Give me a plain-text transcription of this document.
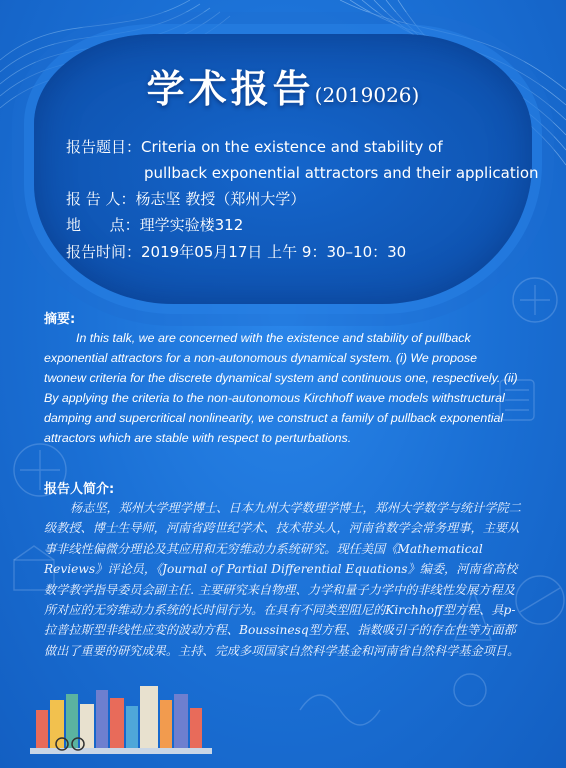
学术报告(2019026)
报告题目：Criteria on the existence and stability of
pullback exponential attractors and their application
报 告 人：杨志坚 教授（郑州大学）
地      点：理学实验楼312
报告时间：2019年05月17日 上午 9：30–10：30
摘要:
In this talk, we are concerned with the existence and stability of pullback exponential attractors for a non-autonomous dynamical system. (i) We propose twonew criteria for the discrete dynamical system and continuous one, respectively. (ii) By applying the criteria to the non-autonomous Kirchhoff wave models withstructural damping and supercritical nonlinearity, we construct a family of pullback exponential attractors which are stable with respect to perturbations.
报告人简介:
杨志坚，郑州大学理学博士、日本九州大学数理学博士，郑州大学数学与统计学院二级教授、博士生导师，河南省跨世纪学术、技术带头人，河南省数学会常务理事，主要从事非线性偏微分理论及其应用和无穷维动力系统研究。现任美国《Mathematical Reviews》评论员，《Journal of Partial Differential Equations》编委，河南省高校数学教学指导委员会副主任. 主要研究来自物理、力学和量子力学中的非线性发展方程及所对应的无穷维动力系统的长时间行为。在具有不同类型阻尼的Kirchhoff型方程、具p-拉普拉斯型非线性应变的波动方程、Boussinesq型方程、指数吸引子的存在性等方面都做出了重要的研究成果。主持、完成多项国家自然科学基金和河南省自然科学基金项目。
